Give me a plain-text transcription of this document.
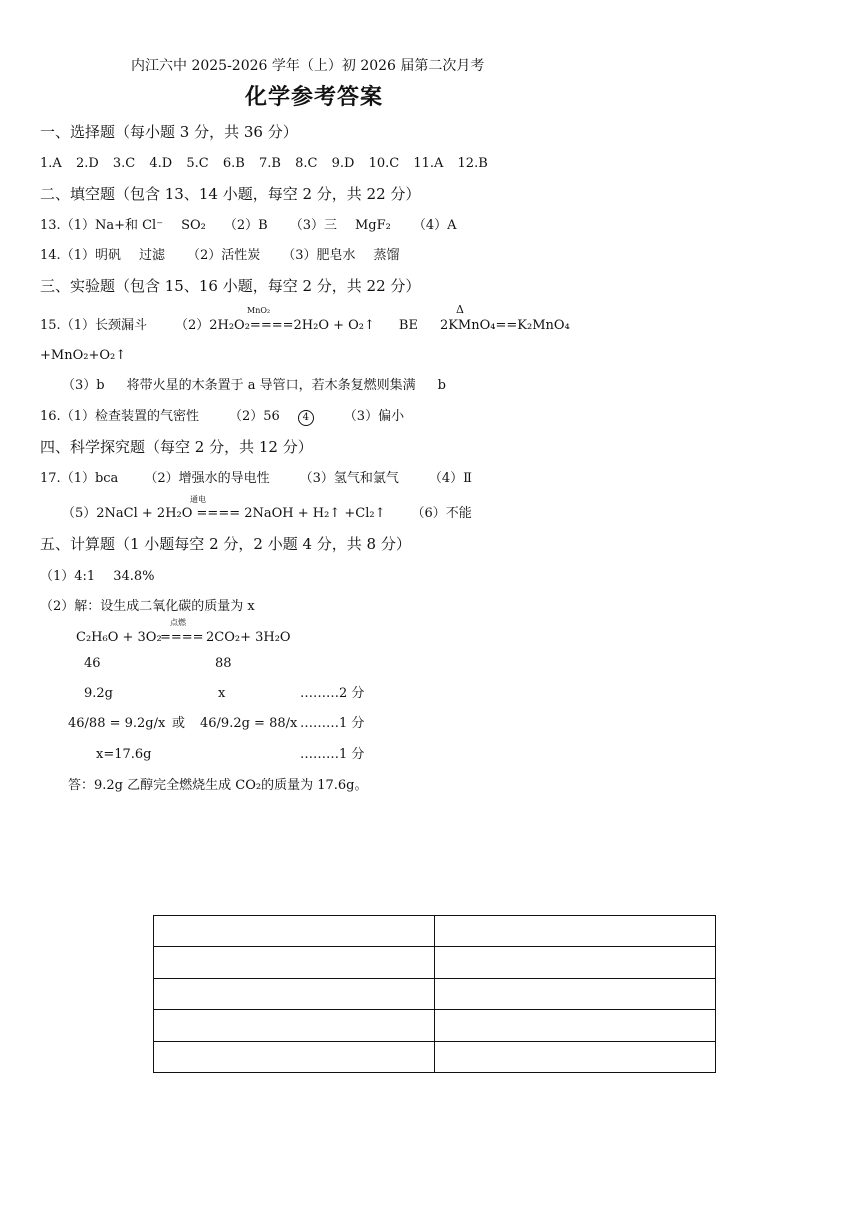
内江六中 2025-2026 学年（上）初 2026 届第二次月考
化学参考答案
一、选择题（每小题 3 分，共 36 分）
1.A 2.D 3.C 4.D 5.C 6.B 7.B 8.C 9.D 10.C 11.A 12.B
二、填空题（包含 13、14 小题，每空 2 分，共 22 分）
13.（1）Na+和 Cl⁻ SO₂ （2）B （3）三 MgF₂ （4）A
14.（1）明矾 过滤 （2）活性炭 （3）肥皂水 蒸馏
三、实验题（包含 15、16 小题，每空 2 分，共 22 分）
MnO₂	Δ
15.（1）长颈漏斗 （2）2H₂O₂====2H₂O + O₂↑ BE 2KMnO₄==K₂MnO₄
+MnO₂+O₂↑
（3）b 将带火星的木条置于 a 导管口，若木条复燃则集满 b
16.（1）检查装置的气密性 （2）56 4	（3）偏小
四、科学探究题（每空 2 分，共 12 分）
17.（1）bca （2）增强水的导电性 （3）氢气和氯气 （4）Ⅱ
通电
（5）2NaCl + 2H₂O ==== 2NaOH + H₂↑ +Cl₂↑ （6）不能
五、计算题（1 小题每空 2 分，2 小题 4 分，共 8 分）
（1）4:1 34.8%
（2）解：设生成二氧化碳的质量为 x
点燃
C₂H₆O + 3O₂
==== 2CO₂+ 3H₂O
46	88
9.2g	x	………2 分
46/88 = 9.2g/x 或 46/9.2g = 88/x ………1 分
x=17.6g	………1 分
答：9.2g 乙醇完全燃烧生成 CO₂的质量为 17.6g。
